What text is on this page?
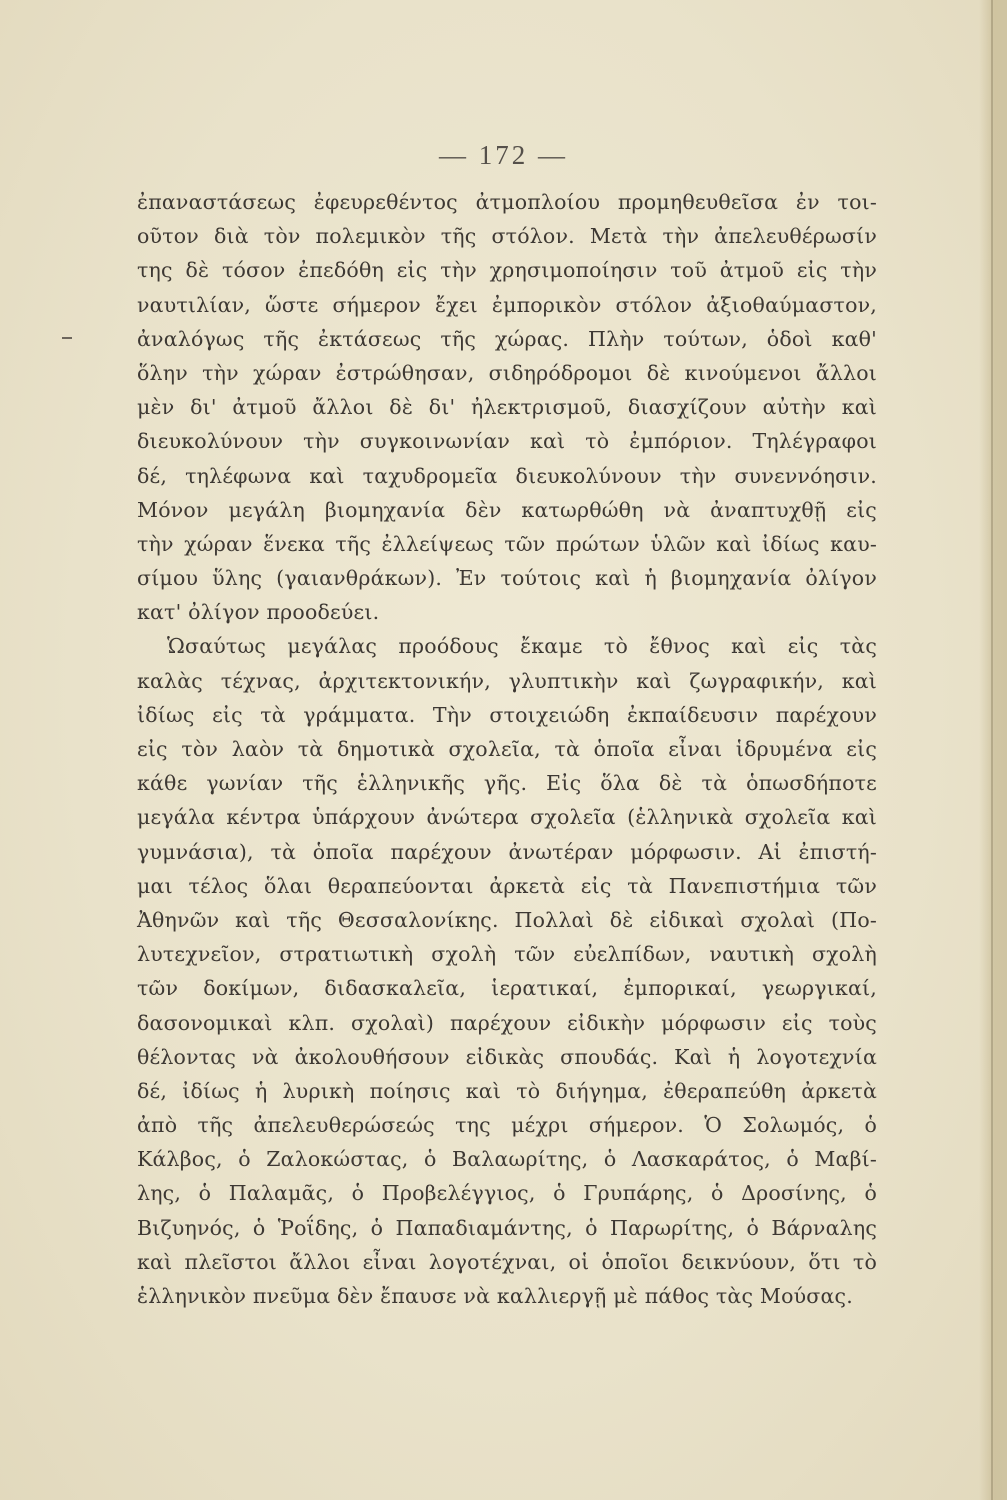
— 172 —
ἐπαναστάσεως ἐφευρεθέντος ἀτμοπλοίου προμηθευθεῖσα ἐν τοι-
οῦτον διὰ τὸν πολεμικὸν τῆς στόλον. Μετὰ τὴν ἀπελευθέρωσίν
της δὲ τόσον ἐπεδόθη εἰς τὴν χρησιμοποίησιν τοῦ ἀτμοῦ εἰς τὴν
ναυτιλίαν, ὥστε σήμερον ἔχει ἐμπορικὸν στόλον ἀξιοθαύμαστον,
ἀναλόγως τῆς ἐκτάσεως τῆς χώρας. Πλὴν τούτων, ὁδοὶ καθ'
ὅλην τὴν χώραν ἐστρώθησαν, σιδηρόδρομοι δὲ κινούμενοι ἄλλοι
μὲν δι' ἀτμοῦ ἄλλοι δὲ δι' ἠλεκτρισμοῦ, διασχίζουν αὐτὴν καὶ
διευκολύνουν τὴν συγκοινωνίαν καὶ τὸ ἐμπόριον. Τηλέγραφοι
δέ, τηλέφωνα καὶ ταχυδρομεῖα διευκολύνουν τὴν συνεννόησιν.
Μόνον μεγάλη βιομηχανία δὲν κατωρθώθη νὰ ἀναπτυχθῇ εἰς
τὴν χώραν ἕνεκα τῆς ἐλλείψεως τῶν πρώτων ὑλῶν καὶ ἰδίως καυ-
σίμου ὕλης (γαιανθράκων). Ἐν τούτοις καὶ ἡ βιομηχανία ὀλίγον
κατ' ὀλίγον προοδεύει.
Ὡσαύτως μεγάλας προόδους ἔκαμε τὸ ἔθνος καὶ εἰς τὰς
καλὰς τέχνας, ἀρχιτεκτονικήν, γλυπτικὴν καὶ ζωγραφικήν, καὶ
ἰδίως εἰς τὰ γράμματα. Τὴν στοιχειώδη ἐκπαίδευσιν παρέχουν
εἰς τὸν λαὸν τὰ δημοτικὰ σχολεῖα, τὰ ὁποῖα εἶναι ἱδρυμένα εἰς
κάθε γωνίαν τῆς ἑλληνικῆς γῆς. Εἰς ὅλα δὲ τὰ ὁπωσδήποτε
μεγάλα κέντρα ὑπάρχουν ἀνώτερα σχολεῖα (ἑλληνικὰ σχολεῖα καὶ
γυμνάσια), τὰ ὁποῖα παρέχουν ἀνωτέραν μόρφωσιν. Αἱ ἐπιστή-
μαι τέλος ὅλαι θεραπεύονται ἀρκετὰ εἰς τὰ Πανεπιστήμια τῶν
Ἀθηνῶν καὶ τῆς Θεσσαλονίκης. Πολλαὶ δὲ εἰδικαὶ σχολαὶ (Πο-
λυτεχνεῖον, στρατιωτικὴ σχολὴ τῶν εὐελπίδων, ναυτικὴ σχολὴ
τῶν δοκίμων, διδασκαλεῖα, ἱερατικαί, ἐμπορικαί, γεωργικαί,
δασονομικαὶ κλπ. σχολαὶ) παρέχουν εἰδικὴν μόρφωσιν εἰς τοὺς
θέλοντας νὰ ἀκολουθήσουν εἰδικὰς σπουδάς. Καὶ ἡ λογοτεχνία
δέ, ἰδίως ἡ λυρικὴ ποίησις καὶ τὸ διήγημα, ἐθεραπεύθη ἀρκετὰ
ἀπὸ τῆς ἀπελευθερώσεώς της μέχρι σήμερον. Ὁ Σολωμός, ὁ
Κάλβος, ὁ Ζαλοκώστας, ὁ Βαλαωρίτης, ὁ Λασκαράτος, ὁ Μαβί-
λης, ὁ Παλαμᾶς, ὁ Προβελέγγιος, ὁ Γρυπάρης, ὁ Δροσίνης, ὁ
Βιζυηνός, ὁ Ῥοΐδης, ὁ Παπαδιαμάντης, ὁ Παρωρίτης, ὁ Βάρναλης
καὶ πλεῖστοι ἄλλοι εἶναι λογοτέχναι, οἱ ὁποῖοι δεικνύουν, ὅτι τὸ
ἑλληνικὸν πνεῦμα δὲν ἔπαυσε νὰ καλλιεργῇ μὲ πάθος τὰς Μούσας.
